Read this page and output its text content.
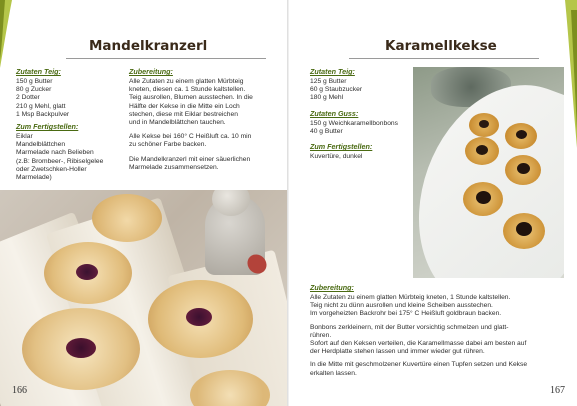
Mandelkranzerl
Zutaten Teig:
150 g Butter
80 g Zucker
2 Dotter
210 g Mehl, glatt
1 Msp Backpulver
Zum Fertigstellen:
Eiklar
Mandelblättchen
Marmelade nach Belieben
(z.B: Brombeer-, Ribiselgelee
oder Zwetschken-Holler
Marmelade)
Zubereitung:
Alle Zutaten zu einem glatten Mürbteig
kneten, diesen ca. 1 Stunde kaltstellen.
Teig ausrollen, Blumen ausstechen. In die
Hälfte der Kekse in die Mitte ein Loch
stechen, diese mit Eiklar bestreichen
und in Mandelblättchen tauchen.
Alle Kekse bei 160° C Heißluft ca. 10 min
zu schöner Farbe backen.
Die Mandelkranzerl mit einer säuerlichen
Marmelade zusammensetzen.
166
Karamellkekse
Zutaten Teig:
125 g Butter
60 g Staubzucker
180 g Mehl
Zutaten Guss:
150 g Weichkaramellbonbons
40 g Butter
Zum Fertigstellen:
Kuvertüre, dunkel
Zubereitung:
Alle Zutaten zu einem glatten Mürbteig kneten, 1 Stunde kaltstellen.
Teig nicht zu dünn ausrollen und kleine Scheiben ausstechen.
Im vorgeheizten Backrohr bei 175° C Heißluft goldbraun backen.
Bonbons zerkleinern, mit der Butter vorsichtig schmelzen und glatt-
rühren.
Sofort auf den Keksen verteilen, die Karamellmasse dabei am besten auf
der Herdplatte stehen lassen und immer wieder gut rühren.
In die Mitte mit geschmolzener Kuvertüre einen Tupfen setzen und Kekse
erkalten lassen.
167
